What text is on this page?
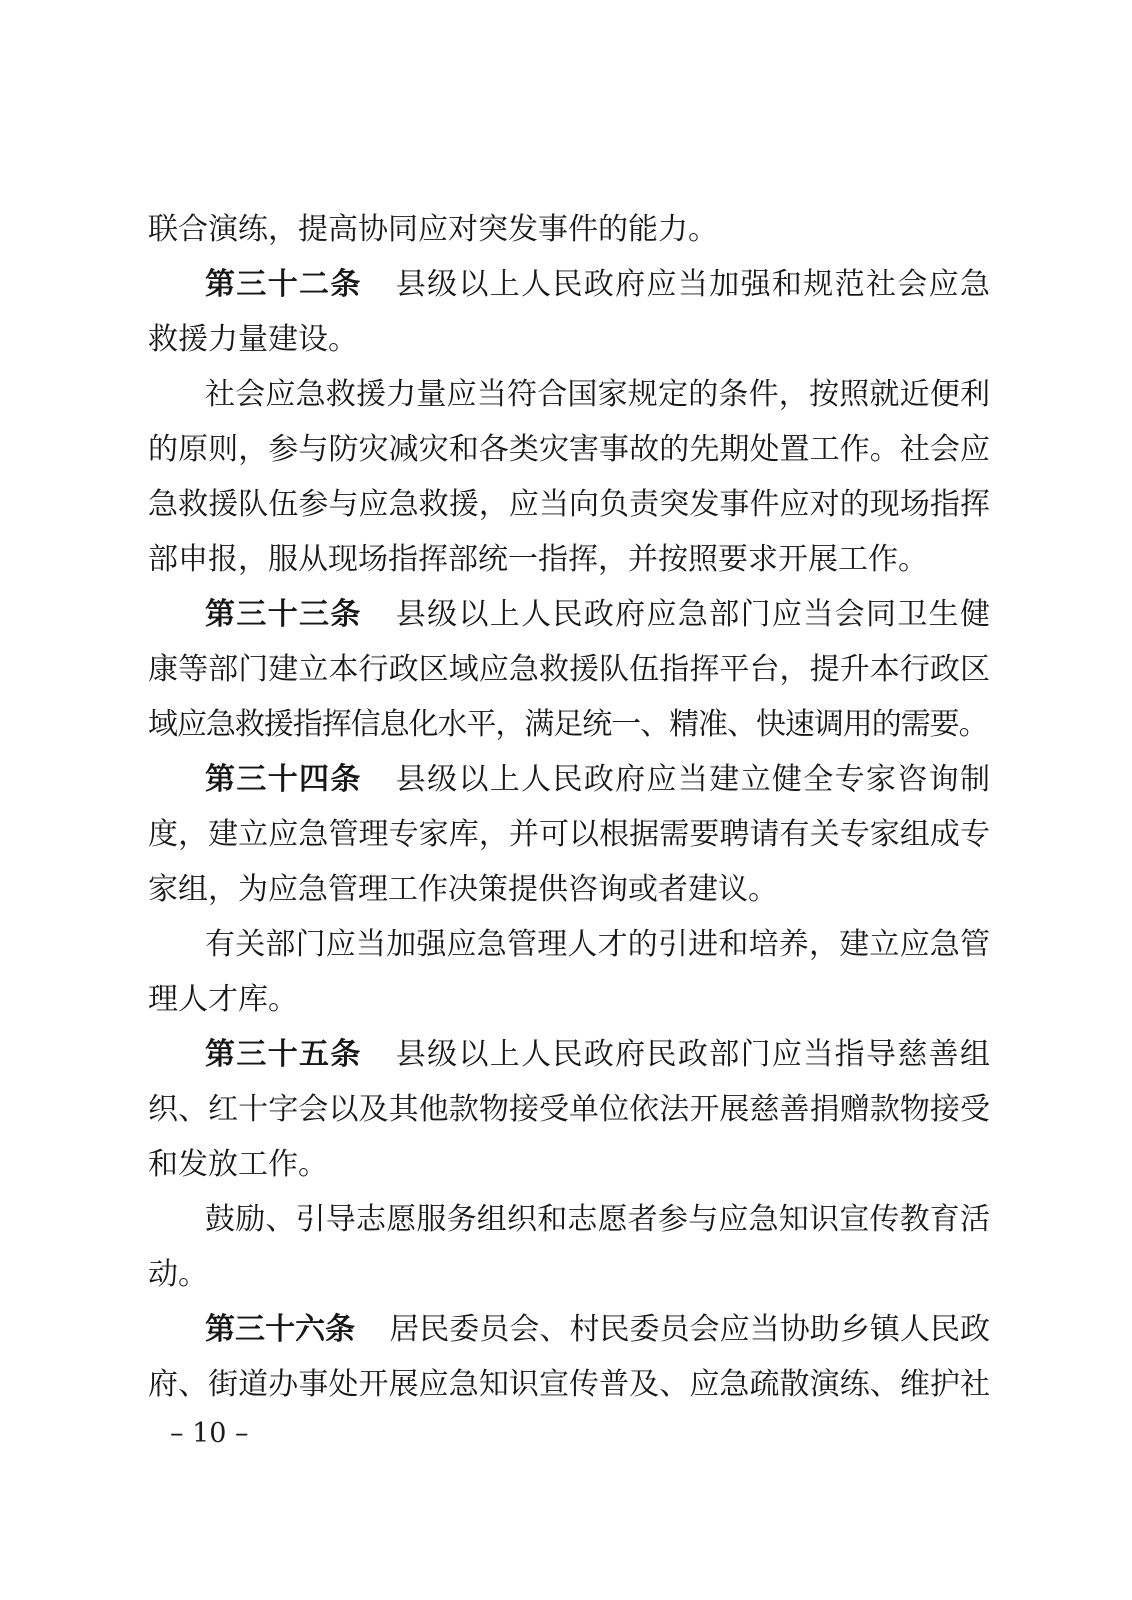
联合演练，提高协同应对突发事件的能力。
第三十二条 县级以上人民政府应当加强和规范社会应急
救援力量建设。
社会应急救援力量应当符合国家规定的条件，按照就近便利
的原则，参与防灾减灾和各类灾害事故的先期处置工作。社会应
急救援队伍参与应急救援，应当向负责突发事件应对的现场指挥
部申报，服从现场指挥部统一指挥，并按照要求开展工作。
第三十三条 县级以上人民政府应急部门应当会同卫生健
康等部门建立本行政区域应急救援队伍指挥平台，提升本行政区
域应急救援指挥信息化水平，满足统一、精准、快速调用的需要。
第三十四条 县级以上人民政府应当建立健全专家咨询制
度，建立应急管理专家库，并可以根据需要聘请有关专家组成专
家组，为应急管理工作决策提供咨询或者建议。
有关部门应当加强应急管理人才的引进和培养，建立应急管
理人才库。
第三十五条 县级以上人民政府民政部门应当指导慈善组
织、红十字会以及其他款物接受单位依法开展慈善捐赠款物接受
和发放工作。
鼓励、引导志愿服务组织和志愿者参与应急知识宣传教育活
动。
第三十六条 居民委员会、村民委员会应当协助乡镇人民政
府、街道办事处开展应急知识宣传普及、应急疏散演练、维护社
– 10 –
